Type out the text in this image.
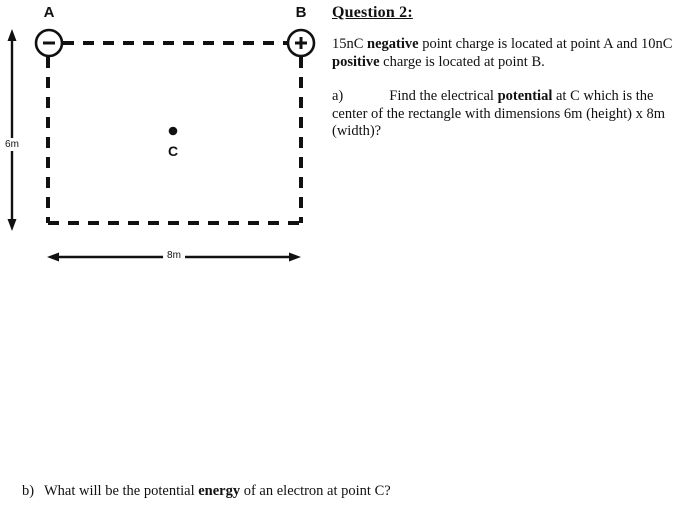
A	B
C
6m
8m
Question 2:

15nC negative point charge is located at point A and 10nC positive charge is located at point B.

a)	Find the electrical potential at C which is the center of the rectangle with dimensions 6m (height) x 8m (width)?

b) What will be the potential energy of an electron at point C?
